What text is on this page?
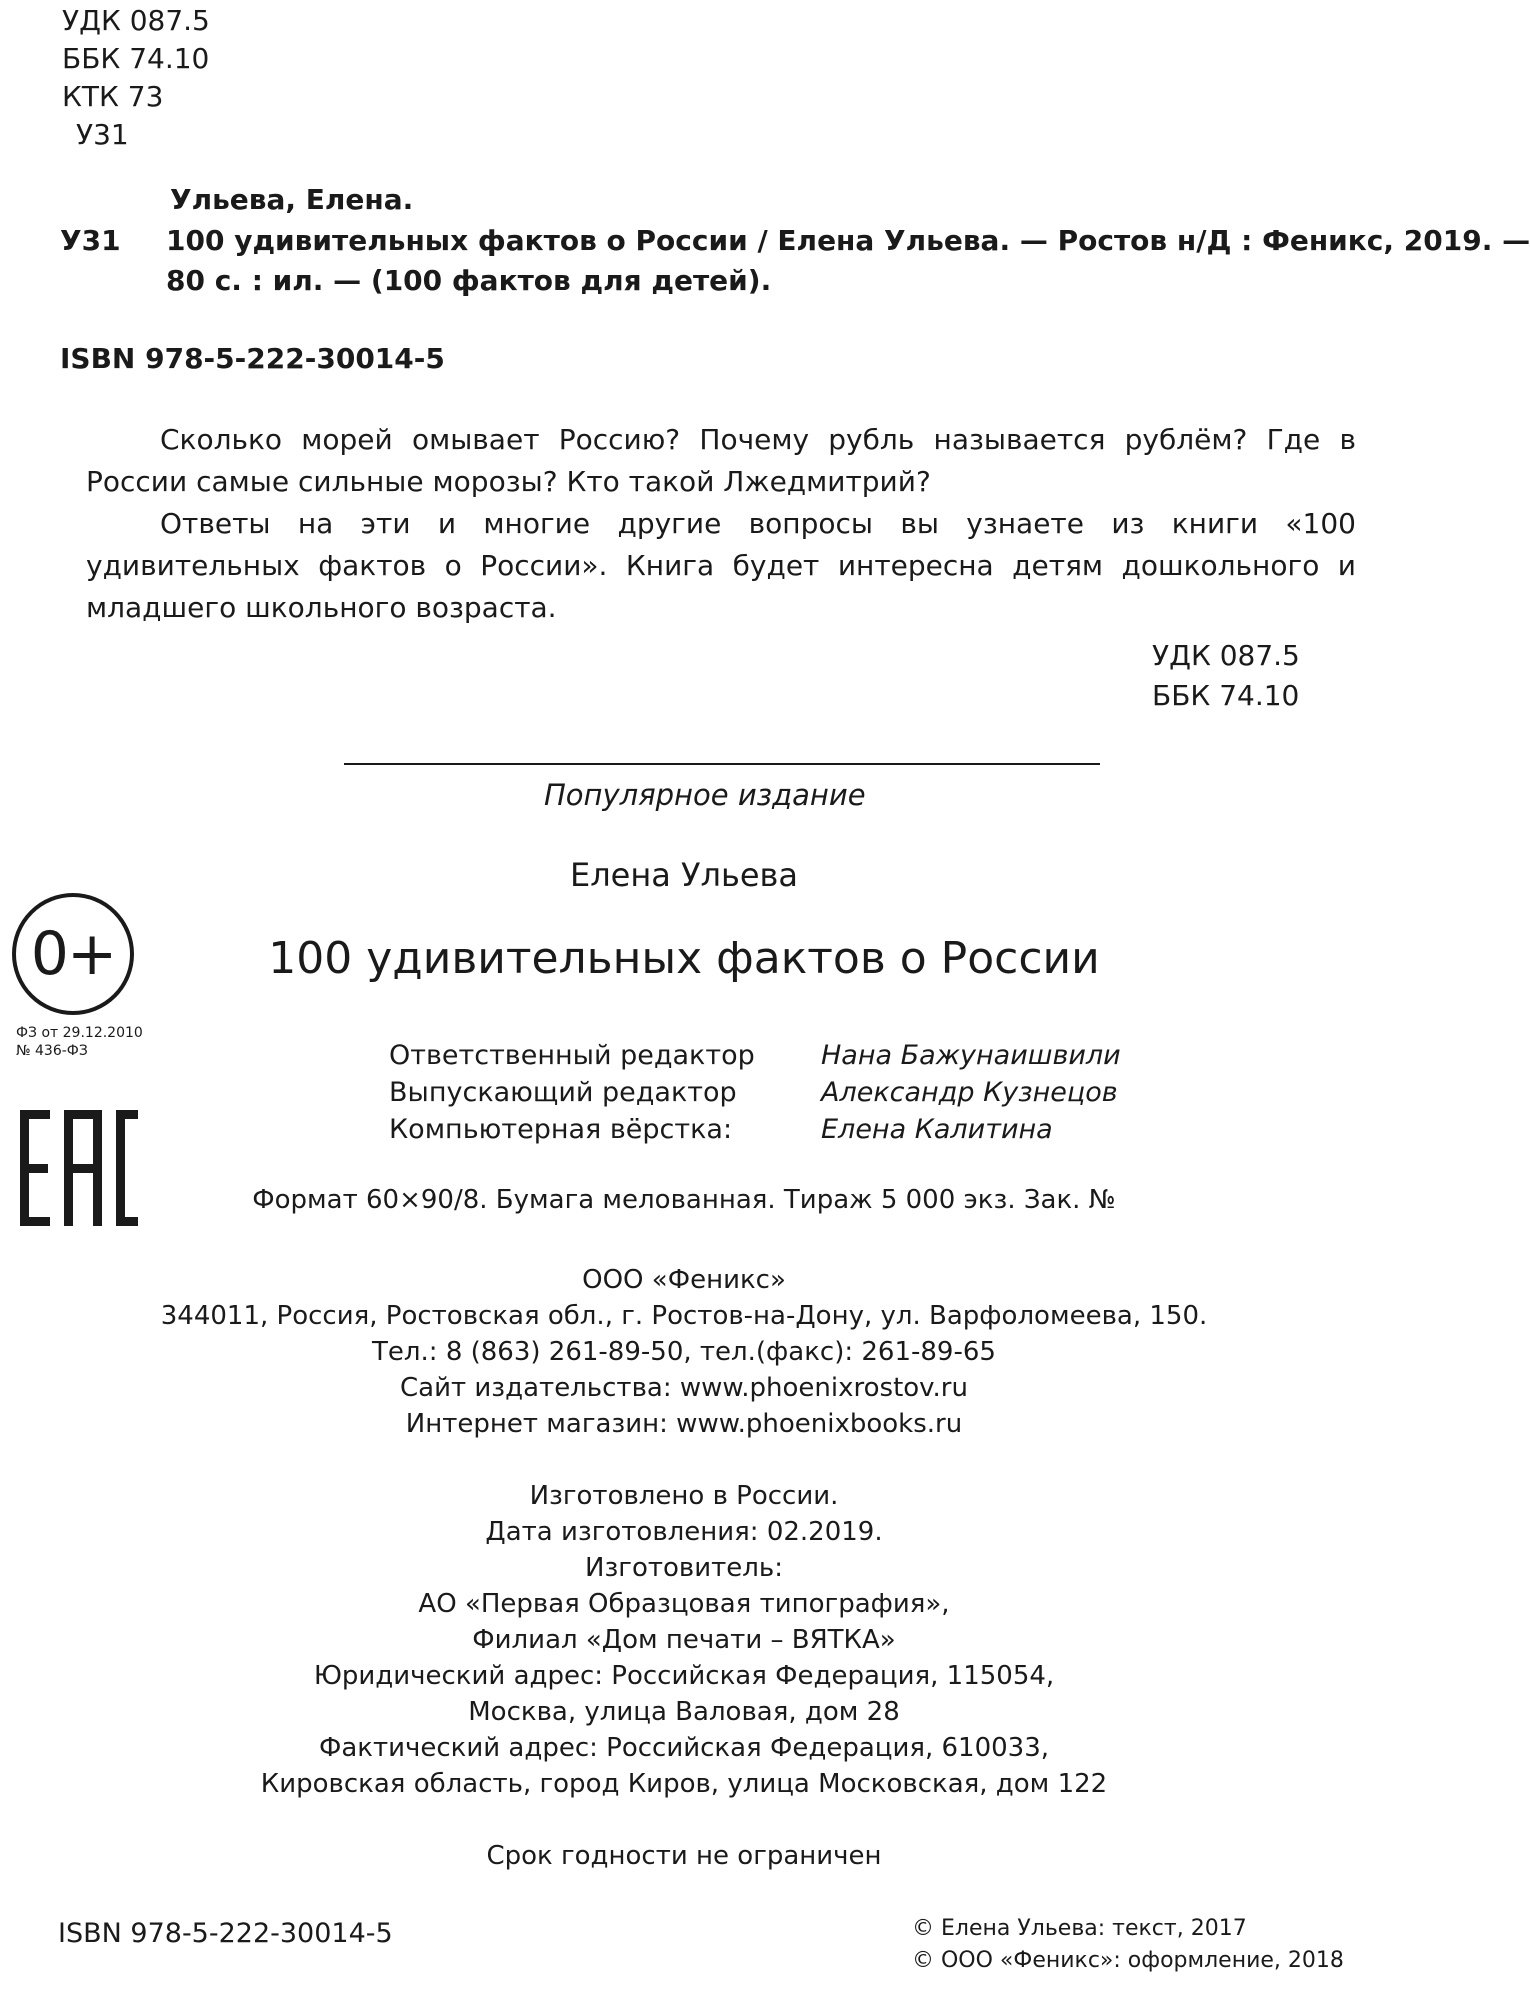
УДК 087.5
ББК 74.10
КТК 73
У31
Ульева, Елена.
У31 100 удивительных фактов о России / Елена Ульева. — Ростов н/Д : Феникс, 2019. —
80 с. : ил. — (100 фактов для детей).
ISBN 978-5-222-30014-5

Сколько морей омывает Россию? Почему рубль называется рублём? Где в России самые сильные морозы? Кто такой Лжедмитрий?

Ответы на эти и многие другие вопросы вы узнаете из книги «100 удивительных фактов о России». Книга будет интересна детям дошкольного и младшего школьного возраста.

УДК 087.5
ББК 74.10
Популярное издание
Елена Ульева
100 удивительных фактов о России
Ответственный редактор	Нана Бажунаишвили
Выпускающий редактор	Александр Кузнецов
Компьютерная вёрстка:	Елена Калитина
Формат 60×90/8. Бумага мелованная. Тираж 5 000 экз. Зак. №
ООО «Феникс»
344011, Россия, Ростовская обл., г. Ростов-на-Дону, ул. Варфоломеева, 150.
Тел.: 8 (863) 261-89-50, тел.(факс): 261-89-65
Сайт издательства: www.phoenixrostov.ru
Интернет магазин: www.phoenixbooks.ru
Изготовлено в России.
Дата изготовления: 02.2019.
Изготовитель:
АО «Первая Образцовая типография»,
Филиал «Дом печати – ВЯТКА»
Юридический адрес: Российская Федерация, 115054,
Москва, улица Валовая, дом 28
Фактический адрес: Российская Федерация, 610033,
Кировская область, город Киров, улица Московская, дом 122
Срок годности не ограничен
ISBN 978-5-222-30014-5	© Елена Ульева: текст, 2017
© ООО «Феникс»: оформление, 2018
0+
ФЗ от 29.12.2010
№ 436-ФЗ
